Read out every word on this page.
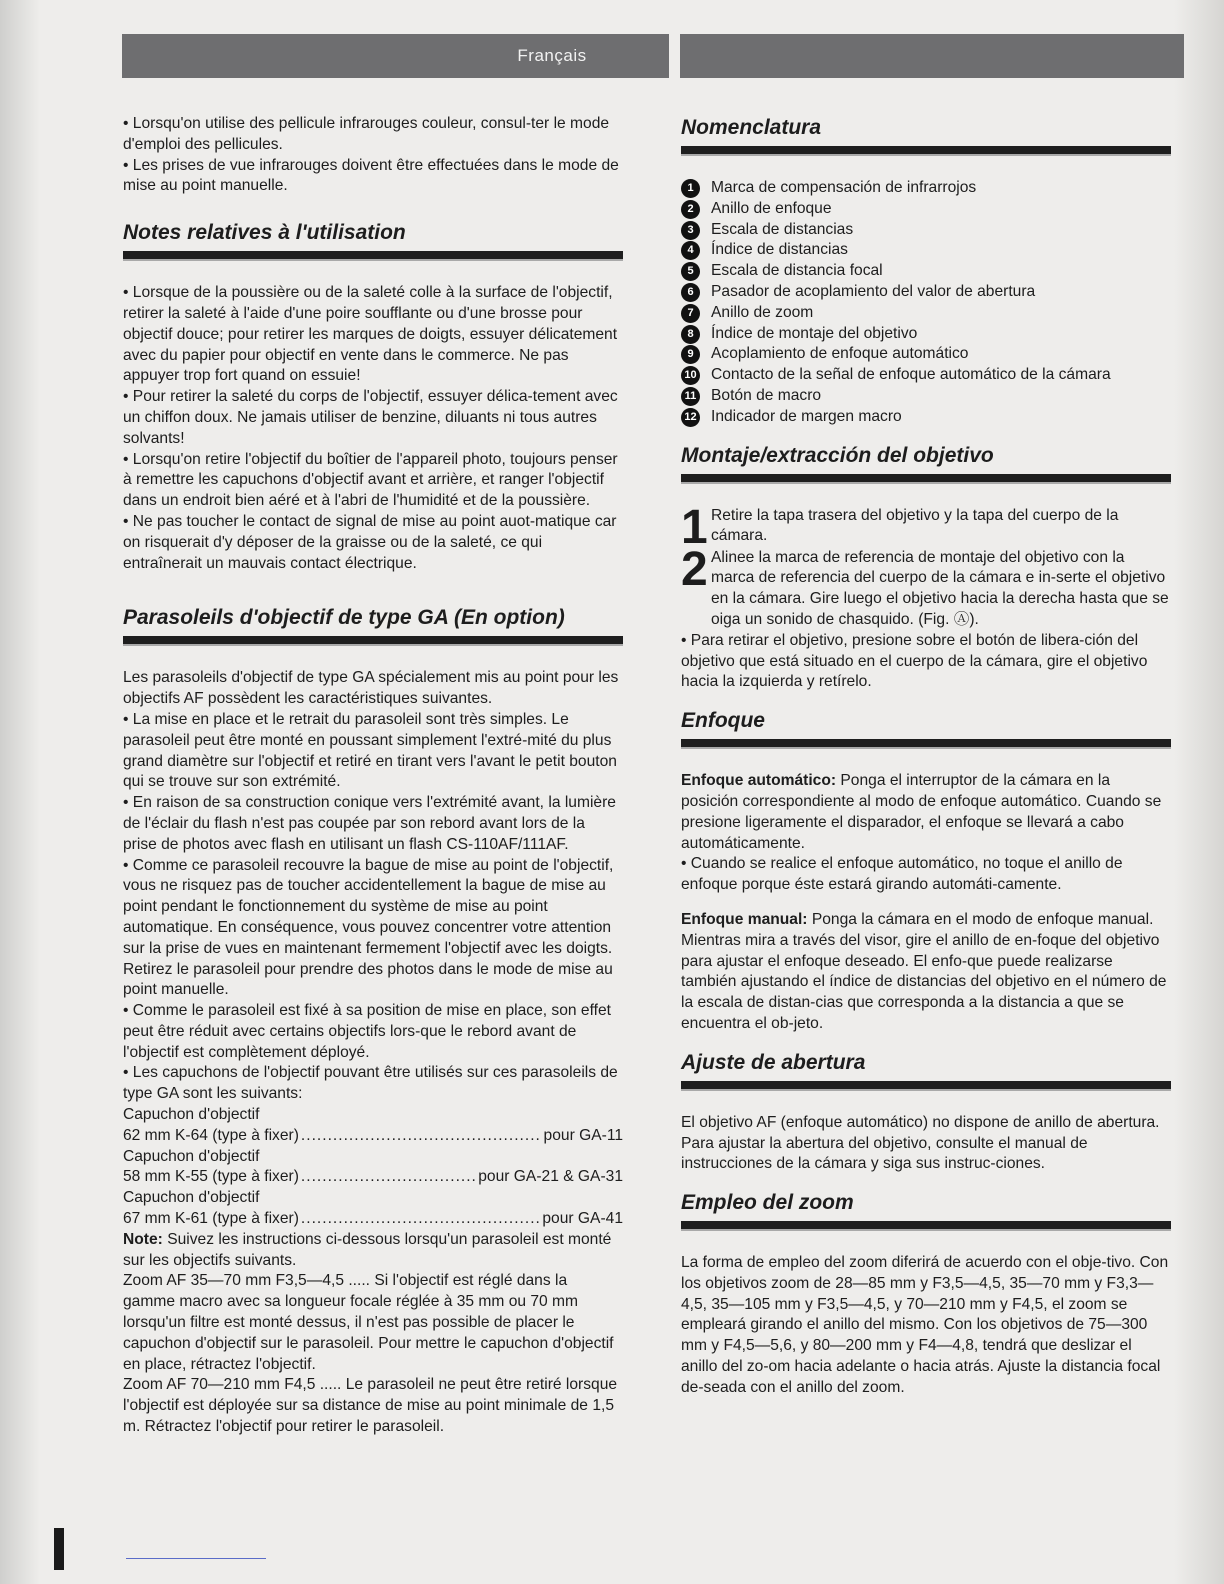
Français

• Lorsqu'on utilise des pellicule infrarouges couleur, consul-ter le mode d'emploi des pellicules.

• Les prises de vue infrarouges doivent être effectuées dans le mode de mise au point manuelle.

Notes relatives à l'utilisation

• Lorsque de la poussière ou de la saleté colle à la surface de l'objectif, retirer la saleté à l'aide d'une poire soufflante ou d'une brosse pour objectif douce; pour retirer les marques de doigts, essuyer délicatement avec du papier pour objectif en vente dans le commerce. Ne pas appuyer trop fort quand on essuie!

• Pour retirer la saleté du corps de l'objectif, essuyer délica-tement avec un chiffon doux. Ne jamais utiliser de benzine, diluants ni tous autres solvants!

• Lorsqu'on retire l'objectif du boîtier de l'appareil photo, toujours penser à remettre les capuchons d'objectif avant et arrière, et ranger l'objectif dans un endroit bien aéré et à l'abri de l'humidité et de la poussière.

• Ne pas toucher le contact de signal de mise au point auot-matique car on risquerait d'y déposer de la graisse ou de la saleté, ce qui entraînerait un mauvais contact électrique.

Parasoleils d'objectif de type GA (En option)

Les parasoleils d'objectif de type GA spécialement mis au point pour les objectifs AF possèdent les caractéristiques suivantes.

• La mise en place et le retrait du parasoleil sont très simples. Le parasoleil peut être monté en poussant simplement l'extré-mité du plus grand diamètre sur l'objectif et retiré en tirant vers l'avant le petit bouton qui se trouve sur son extrémité.

• En raison de sa construction conique vers l'extrémité avant, la lumière de l'éclair du flash n'est pas coupée par son rebord avant lors de la prise de photos avec flash en utilisant un flash CS-110AF/111AF.

• Comme ce parasoleil recouvre la bague de mise au point de l'objectif, vous ne risquez pas de toucher accidentellement la bague de mise au point pendant le fonctionnement du système de mise au point automatique. En conséquence, vous pouvez concentrer votre attention sur la prise de vues en maintenant fermement l'objectif avec les doigts. Retirez le parasoleil pour prendre des photos dans le mode de mise au point manuelle.

• Comme le parasoleil est fixé à sa position de mise en place, son effet peut être réduit avec certains objectifs lors-que le rebord avant de l'objectif est complètement déployé.

• Les capuchons de l'objectif pouvant être utilisés sur ces parasoleils de type GA sont les suivants:

Capuchon d'objectif

62 mm K-64 (type à fixer) .....	pour GA-11

Capuchon d'objectif

58 mm K-55 (type à fixer) .....	pour GA-21 & GA-31

Capuchon d'objectif

67 mm K-61 (type à fixer) .....	pour GA-41

Note: Suivez les instructions ci-dessous lorsqu'un parasoleil est monté sur les objectifs suivants.

Zoom AF 35—70 mm F3,5—4,5 ..... Si l'objectif est réglé dans la gamme macro avec sa longueur focale réglée à 35 mm ou 70 mm lorsqu'un filtre est monté dessus, il n'est pas possible de placer le capuchon d'objectif sur le parasoleil. Pour mettre le capuchon d'objectif en place, rétractez l'objectif.

Zoom AF 70—210 mm F4,5 ..... Le parasoleil ne peut être retiré lorsque l'objectif est déployée sur sa distance de mise au point minimale de 1,5 m. Rétractez l'objectif pour retirer le parasoleil.

Nomenclatura
1	Marca de compensación de infrarrojos
2	Anillo de enfoque
3	Escala de distancias
4	Índice de distancias
5	Escala de distancia focal
6	Pasador de acoplamiento del valor de abertura
7	Anillo de zoom
8	Índice de montaje del objetivo
9	Acoplamiento de enfoque automático
10 Contacto de la señal de enfoque automático de la cámara
11 Botón de macro
12 Indicador de margen macro
Montaje/extracción del objetivo
1 Retire la tapa trasera del objetivo y la tapa del cuerpo de la cámara.
2 Alinee la marca de referencia de montaje del objetivo con la marca de referencia del cuerpo de la cámara e in-serte el objetivo en la cámara. Gire luego el objetivo hacia la derecha hasta que se oiga un sonido de chasquido. (Fig. Ⓐ).

• Para retirar el objetivo, presione sobre el botón de libera-ción del objetivo que está situado en el cuerpo de la cámara, gire el objetivo hacia la izquierda y retírelo.

Enfoque

Enfoque automático: Ponga el interruptor de la cámara en la posición correspondiente al modo de enfoque automático. Cuando se presione ligeramente el disparador, el enfoque se llevará a cabo automáticamente.

• Cuando se realice el enfoque automático, no toque el anillo de enfoque porque éste estará girando automáti-camente.

Enfoque manual: Ponga la cámara en el modo de enfoque manual. Mientras mira a través del visor, gire el anillo de en-foque del objetivo para ajustar el enfoque deseado. El enfo-que puede realizarse también ajustando el índice de distancias del objetivo en el número de la escala de distan-cias que corresponda a la distancia a que se encuentra el ob-jeto.

Ajuste de abertura

El objetivo AF (enfoque automático) no dispone de anillo de abertura. Para ajustar la abertura del objetivo, consulte el manual de instrucciones de la cámara y siga sus instruc-ciones.

Empleo del zoom

La forma de empleo del zoom diferirá de acuerdo con el obje-tivo. Con los objetivos zoom de 28—85 mm y F3,5—4,5, 35—70 mm y F3,3—4,5, 35—105 mm y F3,5—4,5, y 70—210 mm y F4,5, el zoom se empleará girando el anillo del mismo. Con los objetivos de 75—300 mm y F4,5—5,6, y 80—200 mm y F4—4,8, tendrá que deslizar el anillo del zo-om hacia adelante o hacia atrás. Ajuste la distancia focal de-seada con el anillo del zoom.
